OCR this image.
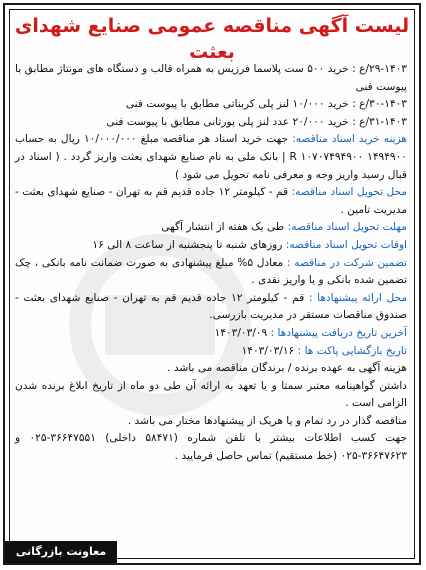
لیست آگهی مناقصه عمومی صنایع شهدای بعثت

۲۹-۱۴۰۳/ع : خرید ۵۰۰ ست پلاسما فرزیس به همراه قالب و دستگاه های مونتاژ مطابق با پیوست فنی

۳۰-۱۴۰۳/ع : خرید ۱۰/۰۰۰ لنز پلی کربناتی مطابق با پیوست فنی

۳۱-۱۴۰۳/ع : خرید ۲۰/۰۰۰ عدد لنز پلی یورتانی مطابق با پیوست فنی

هزینه خرید اسناد مناقصه: جهت خرید اسناد هر مناقصه مبلغ ۱۰/۰۰۰/۰۰۰ ریال به حساب ۱۴۹۴۹۰۰ R ۱۰۷۰۷۴۹۴۹۰۰ | بانک ملی به نام صنایع شهدای بعثت واریز گردد . ( اسناد در قبال رسید واریز وجه و معرفی نامه تحویل می شود )

محل تحویل اسناد مناقصه: قم - کیلومتر ۱۲ جاده قدیم قم به تهران - صنایع شهدای بعثت - مدیریت تامین .

مهلت تحویل اسناد مناقصه: طی یک هفته از انتشار آگهی

اوقات تحویل اسناد مناقصه: روزهای شنبه تا پنجشنبه از ساعت ۸ الی ۱۶

تضمین شرکت در مناقصه : معادل ۵% مبلغ پیشنهادی به صورت ضمانت نامه بانکی ، چک تضمین شده بانکی و یا واریز نقدی .

محل ارائه پیشنهادها : قم - کیلومتر ۱۲ جاده قدیم قم به تهران - صنایع شهدای بعثت - صندوق مناقصات مستقر در مدیریت بازرسی.

آخرین تاریخ دریافت پیشنهادها : ۱۴۰۳/۰۳/۰۹

تاریخ بازگشایی پاکت ها : ۱۴۰۳/۰۳/۱۶

هزینه آگهی به عهده برنده / برندگان مناقصه می باشد .

داشتن گواهینامه معتبر سمتا و یا تعهد به ارائه آن طی دو ماه از تاریخ ابلاغ برنده شدن الزامی است .

مناقصه گذار در رد تمام و یا هریک از پیشنهادها مختار می باشد .

جهت کسب اطلاعات بیشتر با تلفن شماره (۵۸۴۷۱ داخلی) ۳۶۶۴۷۵۵۱-۰۲۵ و ۳۶۶۴۷۶۲۳-۰۲۵ (خط مستقیم) تماس حاصل فرمایید .

معاونت بازرگانی
